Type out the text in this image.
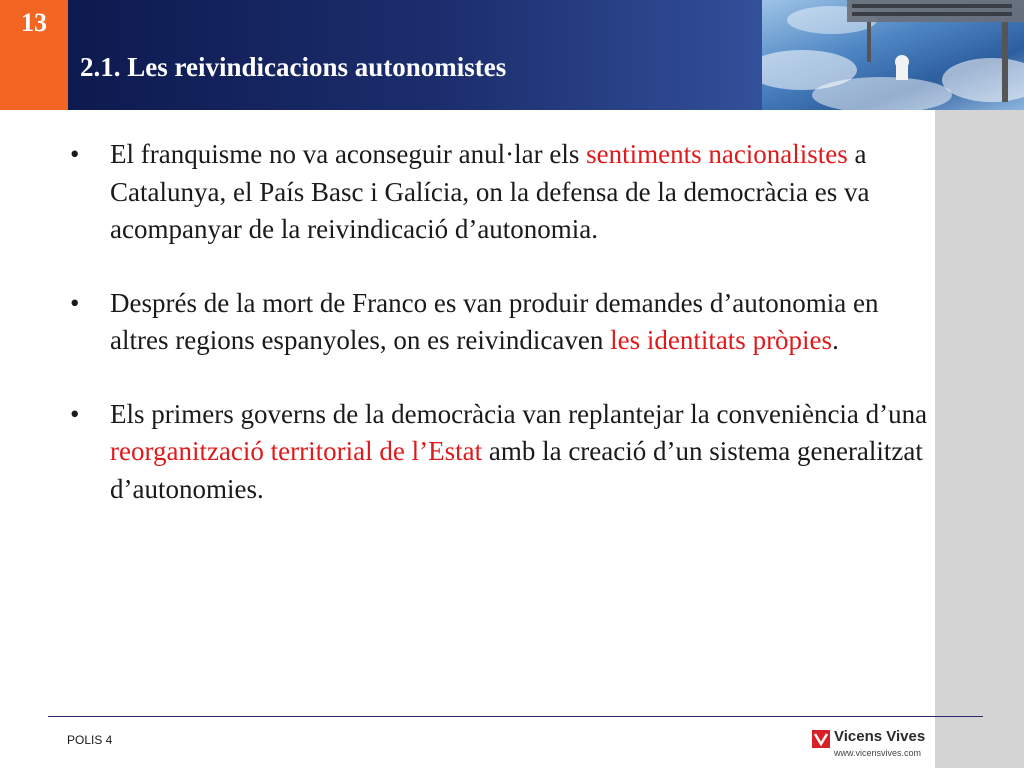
13
2.1. Les reivindicacions autonomistes
• El franquisme no va aconseguir anul·lar els sentiments nacionalistes a Catalunya, el País Basc i Galícia, on la defensa de la democràcia es va acompanyar de la reivindicació d’autonomia.
• Després de la mort de Franco es van produir demandes d’autonomia en altres regions espanyoles, on es reivindicaven les identitats pròpies.
• Els primers governs de la democràcia van replantejar la conveniència d’una reorganització territorial de l’Estat amb la creació d’un sistema generalitzat d’autonomies.
POLIS 4	Vicens Vives
www.vicensvives.com
